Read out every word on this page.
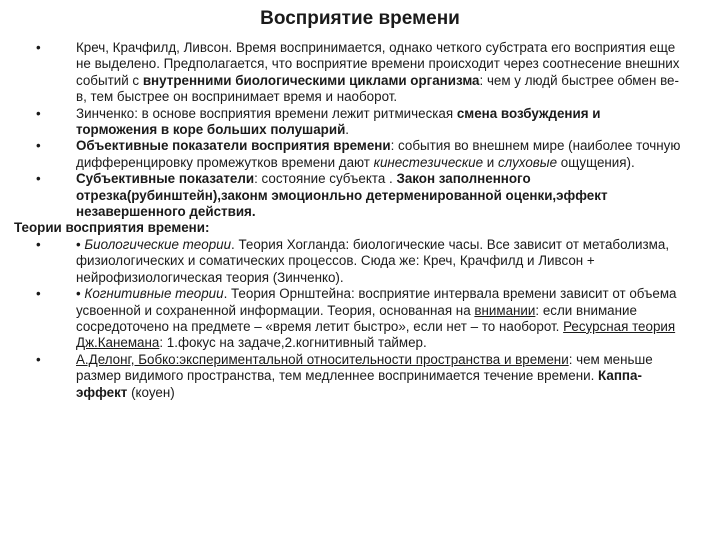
Восприятие времени
•	Креч, Крачфилд, Ливсон. Время воспринимается, однако четкого субстрата его восприятия еще не выделено. Предполагается, что восприятие времени происходит через соотнесение внешних событий с внутренними биологическими циклами организма: чем у людй быстрее обмен ве-в, тем быстрее он воспринимает время и наоборот.
•	Зинченко: в основе восприятия времени лежит ритмическая смена возбуждения и торможения в коре больших полушарий.
•	Объективные показатели восприятия времени: события во внешнем мире (наиболее точную дифференцировку промежутков времени дают кинестезические и слуховые ощущения).
•	Субъективные показатели: состояние субъекта . Закон заполненного отрезка(рубинштейн),законм эмоционльно детерменированной оценки,эффект незавершенного действия.
Теории восприятия времени:
•	• Биологические теории. Теория Хогланда: биологические часы. Все зависит от метаболизма, физиологических и соматических процессов. Сюда же: Креч, Крачфилд и Ливсон + нейрофизиологическая теория (Зинченко).
•	• Когнитивные теории. Теория Орнштейна: восприятие интервала времени зависит от объема усвоенной и сохраненной информации. Теория, основанная на внимании: если внимание сосредоточено на предмете – «время летит быстро», если нет – то наоборот. Ресурсная теория Дж.Канемана: 1.фокус на задаче,2.когнитивный таймер.
•	А.Делонг, Бобко:экспериментальной относительности пространства и времени: чем меньше размер видимого пространства, тем медленнее воспринимается течение времени. Каппа-эффект (коуен)
